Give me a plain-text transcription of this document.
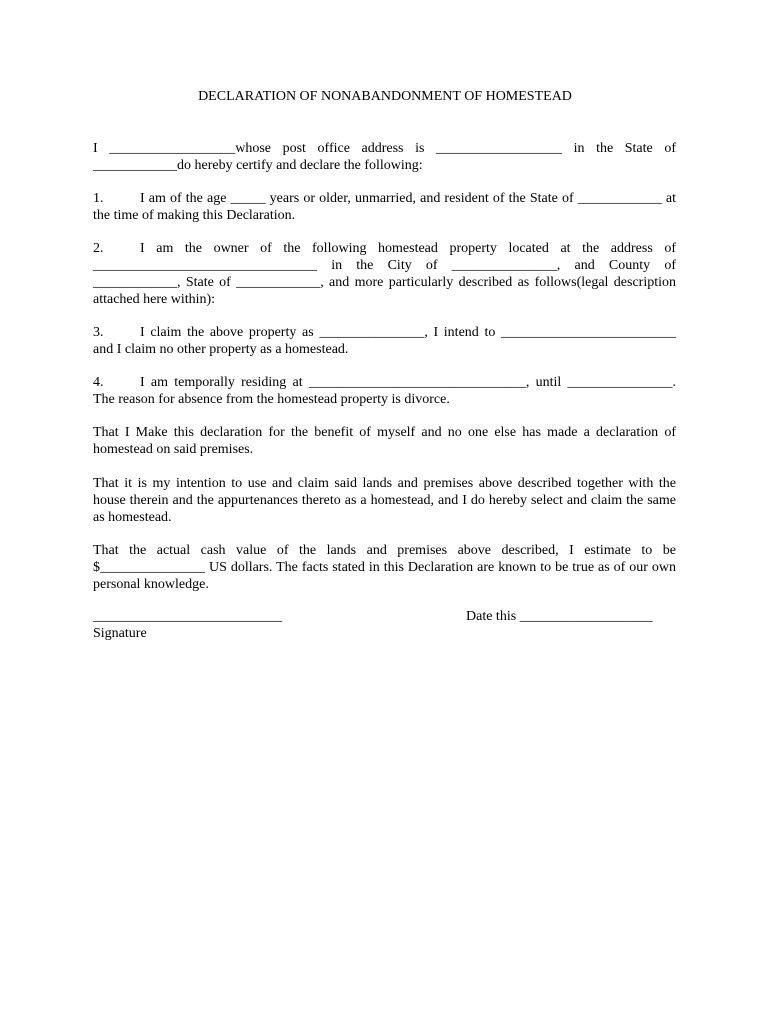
DECLARATION OF NONABANDONMENT OF HOMESTEAD
I __________________whose post office address is __________________ in the State of ____________do hereby certify and declare the following:
1.	I am of the age _____ years or older, unmarried, and resident of the State of ____________ at the time of making this Declaration.
2.	I am the owner of the following homestead property located at the address of ________________________________ in the City of _______________, and County of ____________, State of ____________, and more particularly described as follows(legal description attached here within):
3.	I claim the above property as _______________, I intend to _________________________ and I claim no other property as a homestead.
4.	I am temporally residing at _______________________________, until _______________. The reason for absence from the homestead property is divorce.
That I Make this declaration for the benefit of myself and no one else has made a declaration of homestead on said premises.
That it is my intention to use and claim said lands and premises above described together with the house therein and the appurtenances thereto as a homestead, and I do hereby select and claim the same as homestead.
That the actual cash value of the lands and premises above described, I estimate to be $_______________ US dollars. The facts stated in this Declaration are known to be true as of our own personal knowledge.
___________________________
Signature
Date this ___________________
